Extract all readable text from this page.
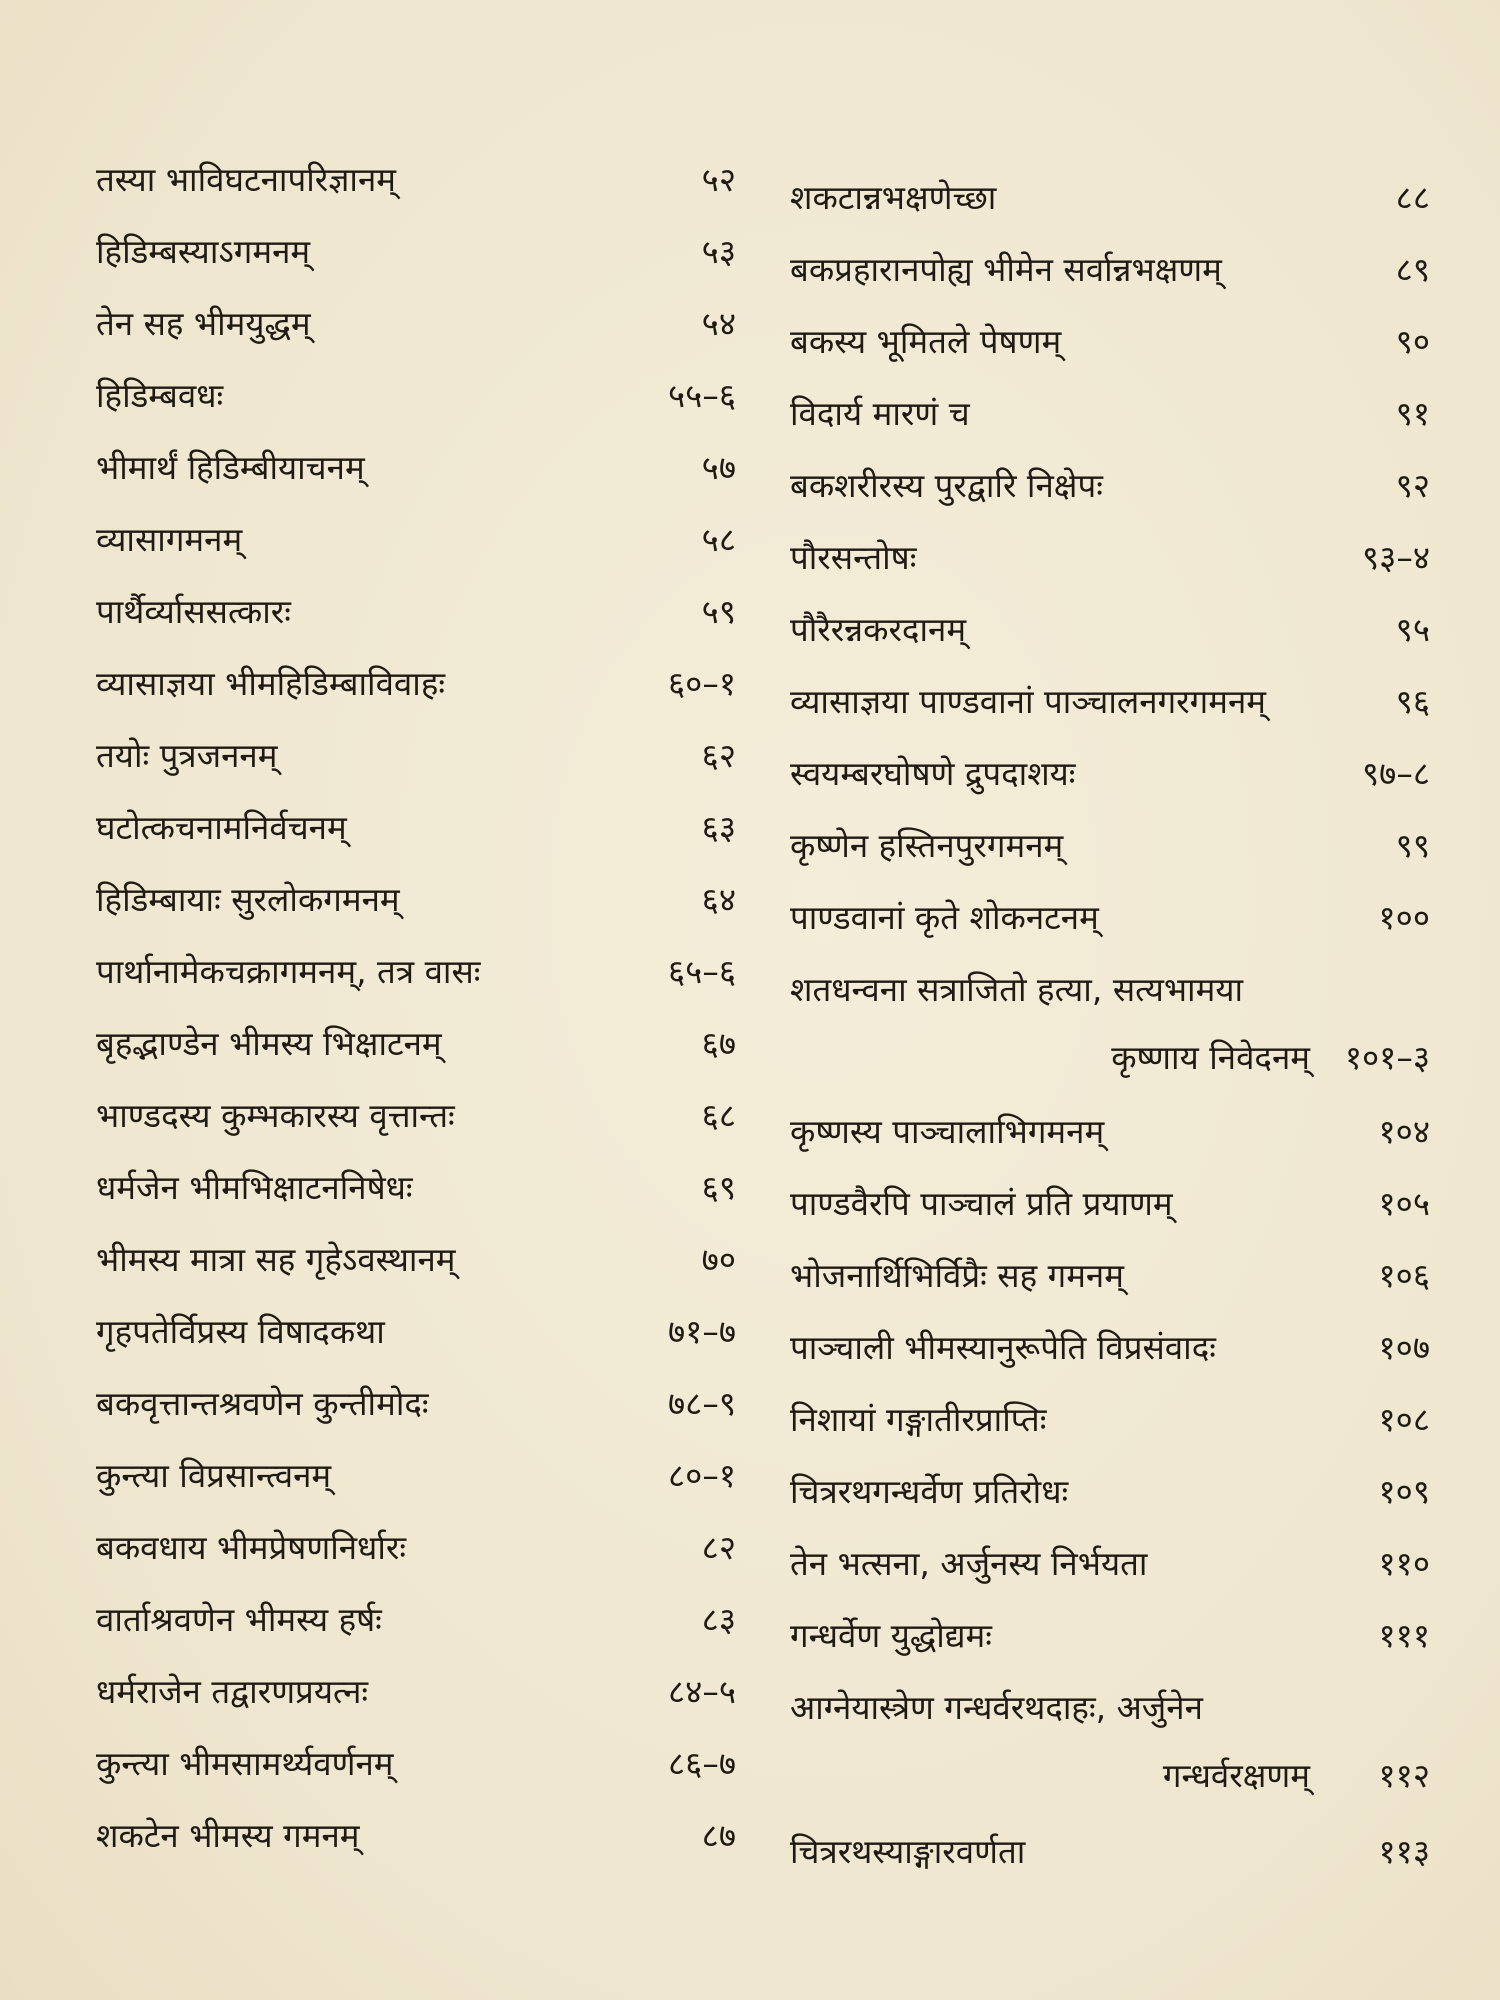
तस्या भाविघटनापरिज्ञानम्	५२
हिडिम्बस्याऽगमनम्	५३
तेन सह भीमयुद्धम्	५४
हिडिम्बवधः	५५–६
भीमार्थं हिडिम्बीयाचनम्	५७
व्यासागमनम्	५८
पार्थैर्व्याससत्कारः	५९
व्यासाज्ञया भीमहिडिम्बाविवाहः	६०–१
तयोः पुत्रजननम्	६२
घटोत्कचनामनिर्वचनम्	६३
हिडिम्बायाः सुरलोकगमनम्	६४
पार्थानामेकचक्रागमनम्, तत्र वासः	६५–६
बृहद्भाण्डेन भीमस्य भिक्षाटनम्	६७
भाण्डदस्य कुम्भकारस्य वृत्तान्तः	६८
धर्मजेन भीमभिक्षाटननिषेधः	६९
भीमस्य मात्रा सह गृहेऽवस्थानम्	७०
गृहपतेर्विप्रस्य विषादकथा	७१–७
बकवृत्तान्तश्रवणेन कुन्तीमोदः	७८–९
कुन्त्या विप्रसान्त्वनम्	८०–१
बकवधाय भीमप्रेषणनिर्धारः	८२
वार्ताश्रवणेन भीमस्य हर्षः	८३
धर्मराजेन तद्वारणप्रयत्नः	८४–५
कुन्त्या भीमसामर्थ्यवर्णनम्	८६–७
शकटेन भीमस्य गमनम्	८७
शकटान्नभक्षणेच्छा	८८
बकप्रहारानपोह्य भीमेन सर्वान्नभक्षणम्	८९
बकस्य भूमितले पेषणम्	९०
विदार्य मारणं च	९१
बकशरीरस्य पुरद्वारि निक्षेपः	९२
पौरसन्तोषः	९३–४
पौरैरन्नकरदानम्	९५
व्यासाज्ञया पाण्डवानां पाञ्चालनगरगमनम्	९६
स्वयम्बरघोषणे द्रुपदाशयः	९७–८
कृष्णेन हस्तिनपुरगमनम्	९९
पाण्डवानां कृते शोकनटनम्	१००
शतधन्वना सत्राजितो हत्या, सत्यभामया
कृष्णाय निवेदनम् १०१–३
कृष्णस्य पाञ्चालाभिगमनम्	१०४
पाण्डवैरपि पाञ्चालं प्रति प्रयाणम्	१०५
भोजनार्थिभिर्विप्रैः सह गमनम्	१०६
पाञ्चाली भीमस्यानुरूपेति विप्रसंवादः	१०७
निशायां गङ्गातीरप्राप्तिः	१०८
चित्ररथगन्धर्वेण प्रतिरोधः	१०९
तेन भत्सना, अर्जुनस्य निर्भयता	११०
गन्धर्वेण युद्धोद्यमः	१११
आग्नेयास्त्रेण गन्धर्वरथदाहः, अर्जुनेन
गन्धर्वरक्षणम् ११२
चित्ररथस्याङ्गारवर्णता	११३
